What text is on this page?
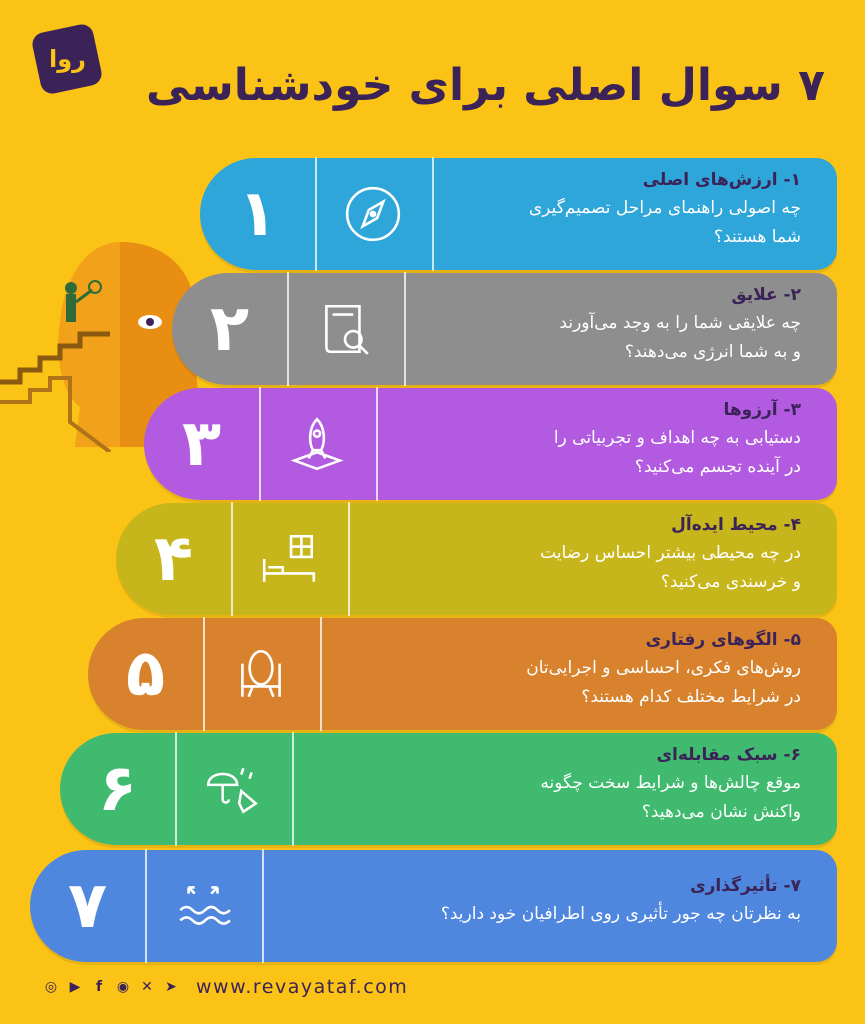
روا
۷ سوال اصلی برای خودشناسی
۱	۱- ارزش‌های اصلی
چه اصولی راهنمای مراحل تصمیم‌گیری
شما هستند؟
۲	۲- علایق
چه علایقی شما را به وجد می‌آورند
و به شما انرژی می‌دهند؟
۳	۳- آرزوها
دستیابی به چه اهداف و تجربیاتی را
در آینده تجسم می‌کنید؟
۴	۴- محیط ایده‌آل
در چه محیطی بیشتر احساس رضایت
و خرسندی می‌کنید؟
۵	۵- الگوهای رفتاری
روش‌های فکری، احساسی و اجرایی‌تان
در شرایط مختلف کدام هستند؟
۶	۶- سبک مقابله‌ای
موقع چالش‌ها و شرایط سخت چگونه
واکنش نشان می‌دهید؟
۷	۷- تأثیرگذاری
به نظرتان چه جور تأثیری روی اطرافیان خود دارید؟
◎ ▶	f	◉ ✕ ➤ www.revayataf.com
